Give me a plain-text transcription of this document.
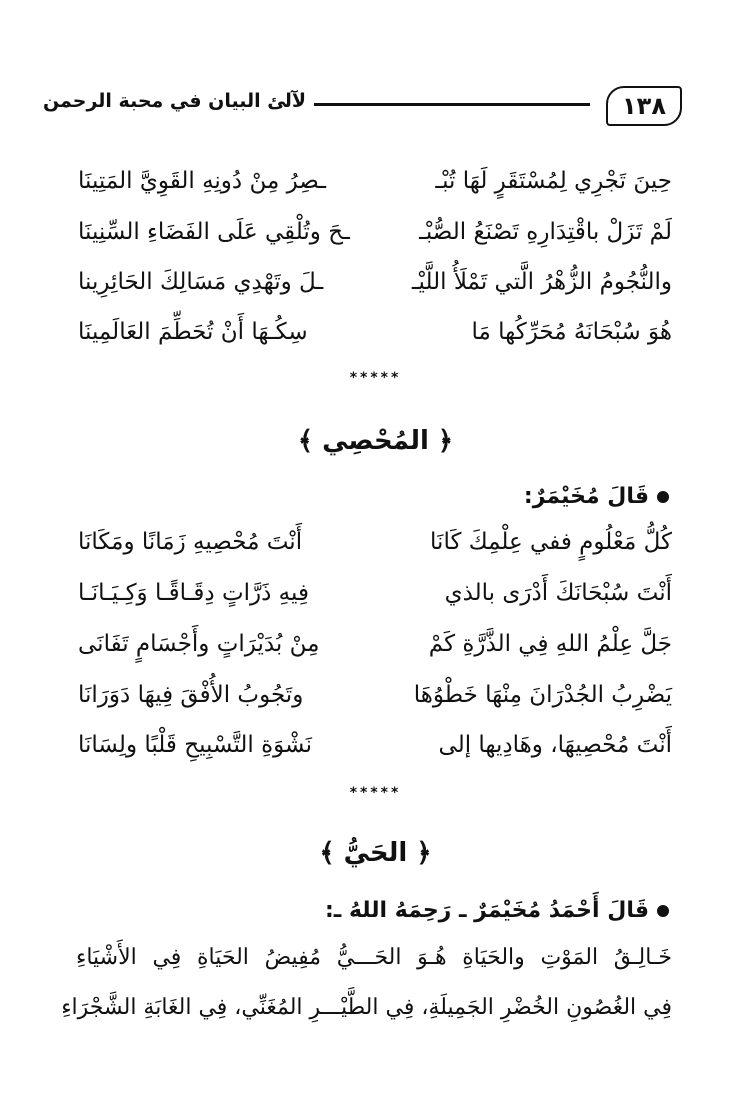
١٣٨
لآلئ البيان في محبة الرحمن
حِينَ تَجْرِي لِمُسْتَقَرٍ لَهَا تُبْـ
ـصِرُ مِنْ دُونِهِ القَوِيَّ المَتِينَا
لَمْ تَزَلْ باقْتِدَارِهِ تَصْنَعُ الصُّبْـ
ـحَ وتُلْقِي عَلَى الفَضَاءِ السِّنِينَا
والنُّجُومُ الزُّهْرُ الَّتي تَمْلَأُ اللَّيْـ
ـلَ وتَهْدِي مَسَالِكَ الحَائِرِينا
هُوَ سُبْحَانَهُ مُحَرِّكُها مَا
سِكُـهَا أَنْ تُحَطِّمَ العَالَمِينَا
*****
﴿ المُحْصِي ﴾
قَالَ مُخَيْمَرٌ:
كُلُّ مَعْلُومٍ ففي عِلْمِكَ كَانَا
أَنْتَ مُحْصِيهِ زَمَانًا ومَكَانَا
أَنْتَ سُبْحَانَكَ أَدْرَى بالذي
فِيهِ ذَرَّاتٍ دِقَـاقًـا وَكِـيَـانَـا
جَلَّ عِلْمُ اللهِ فِي الذَّرَّةِ كَمْ
مِنْ بُدَيْرَاتٍ وأَجْسَامٍ تَفَانَى
يَضْرِبُ الجُدْرَانَ مِنْهَا خَطْوُهَا
وتَجُوبُ الأُفْقَ فِيهَا دَوَرَانَا
أَنْتَ مُحْصِيهَا، وهَادِيها إلى
نَشْوَةِ التَّسْبِيحِ قَلْبًا ولِسَانَا
*****
﴿ الحَيُّ ﴾
قَالَ أَحْمَدُ مُخَيْمَرٌ ـ رَحِمَهُ اللهُ ـ:
خَـالِـقُ المَوْتِ والحَيَاةِ هُـوَ الحَـــيُّ مُفِيضُ الحَيَاةِ فِي الأَشْيَاءِ
فِي الغُصُونِ الخُضْرِ الجَمِيلَةِ، فِي الطَّيْـــرِ المُغَنِّي، فِي الغَابَةِ الشَّجْرَاءِ
